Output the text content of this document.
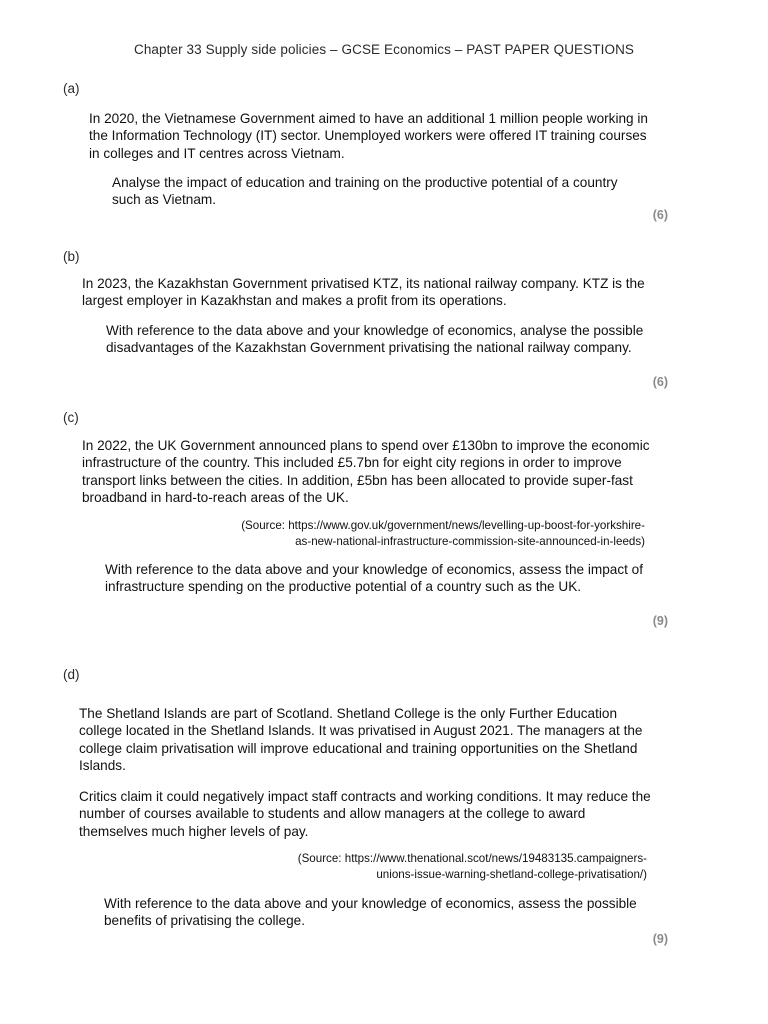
Chapter 33 Supply side policies – GCSE Economics – PAST PAPER QUESTIONS
(a)
In 2020, the Vietnamese Government aimed to have an additional 1 million people working in the Information Technology (IT) sector. Unemployed workers were offered IT training courses in colleges and IT centres across Vietnam.
Analyse the impact of education and training on the productive potential of a country such as Vietnam.
(6)
(b)
In 2023, the Kazakhstan Government privatised KTZ, its national railway company. KTZ is the largest employer in Kazakhstan and makes a profit from its operations.
With reference to the data above and your knowledge of economics, analyse the possible disadvantages of the Kazakhstan Government privatising the national railway company.
(6)
(c)
In 2022, the UK Government announced plans to spend over £130bn to improve the economic infrastructure of the country. This included £5.7bn for eight city regions in order to improve transport links between the cities. In addition, £5bn has been allocated to provide super-fast broadband in hard-to-reach areas of the UK.
(Source: https://www.gov.uk/government/news/levelling-up-boost-for-yorkshire-
as-new-national-infrastructure-commission-site-announced-in-leeds)
With reference to the data above and your knowledge of economics, assess the impact of infrastructure spending on the productive potential of a country such as the UK.
(9)
(d)
The Shetland Islands are part of Scotland. Shetland College is the only Further Education college located in the Shetland Islands. It was privatised in August 2021. The managers at the college claim privatisation will improve educational and training opportunities on the Shetland Islands.
Critics claim it could negatively impact staff contracts and working conditions. It may reduce the number of courses available to students and allow managers at the college to award themselves much higher levels of pay.
(Source: https://www.thenational.scot/news/19483135.campaigners-
unions-issue-warning-shetland-college-privatisation/)
With reference to the data above and your knowledge of economics, assess the possible benefits of privatising the college.
(9)
